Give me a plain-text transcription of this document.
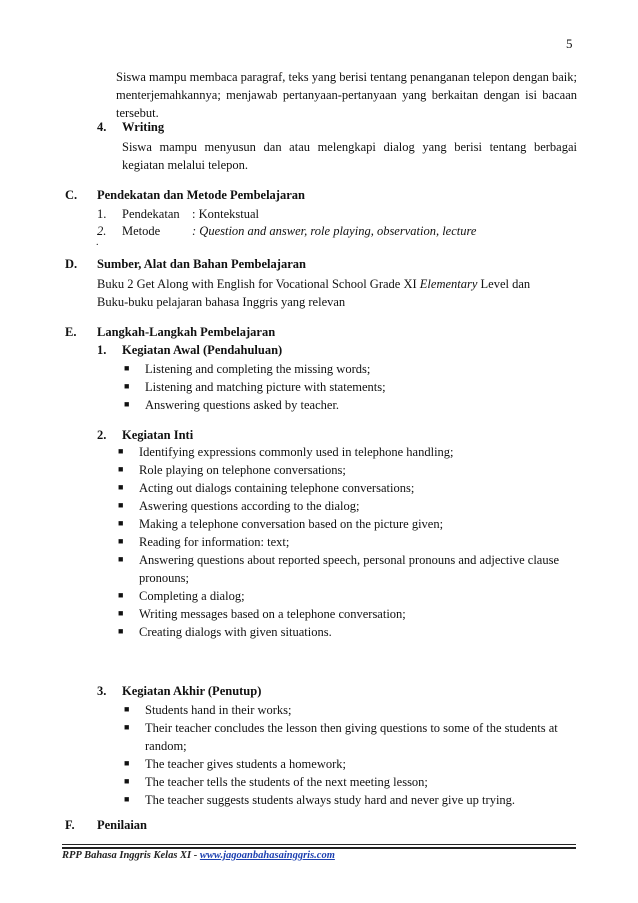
5
Siswa mampu membaca paragraf, teks yang berisi tentang penanganan telepon dengan baik; menterjemahkannya; menjawab pertanyaan-pertanyaan yang berkaitan dengan isi bacaan tersebut.
4. Writing
Siswa mampu menyusun dan atau melengkapi dialog yang berisi tentang berbagai kegiatan melalui telepon.
C. Pendekatan dan Metode Pembelajaran
1. Pendekatan : Kontekstual
2. Metode	: Question and answer, role playing, observation, lecture
.
D. Sumber, Alat dan Bahan Pembelajaran
Buku 2 Get Along with English for Vocational School Grade XI Elementary Level dan
Buku-buku pelajaran bahasa Inggris yang relevan
E. Langkah-Langkah Pembelajaran
1. Kegiatan Awal (Pendahuluan)
■ Listening and completing the missing words;
■ Listening and matching picture with statements;
■ Answering questions asked by teacher.
2. Kegiatan Inti
■ Identifying expressions commonly used in telephone handling;
■ Role playing on telephone conversations;
■ Acting out dialogs containing telephone conversations;
■ Aswering questions according to the dialog;
■ Making a telephone conversation based on the picture given;
■ Reading for information: text;
■ Answering questions about reported speech, personal pronouns and adjective clause
pronouns;
■ Completing a dialog;
■ Writing messages based on a telephone conversation;
■ Creating dialogs with given situations.
3. Kegiatan Akhir (Penutup)
■ Students hand in their works;
■ Their teacher concludes the lesson then giving questions to some of the students at
random;
■ The teacher gives students a homework;
■ The teacher tells the students of the next meeting lesson;
■ The teacher suggests students always study hard and never give up trying.
F. Penilaian
RPP Bahasa Inggris Kelas XI - www.jagoanbahasainggris.com
